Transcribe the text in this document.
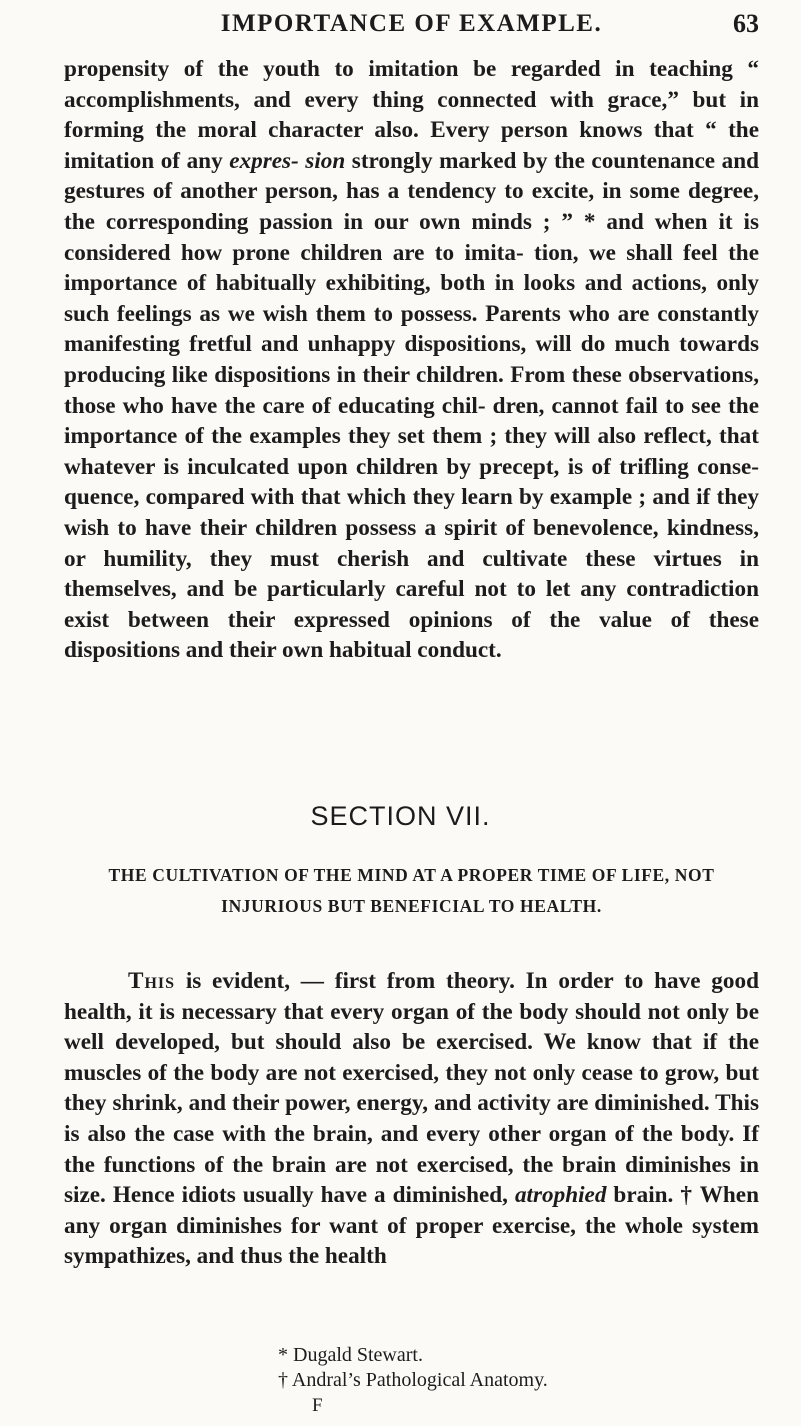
IMPORTANCE OF EXAMPLE.	63

propensity of the youth to imitation be regarded in teaching “ accomplishments, and every thing connected with grace,” but in forming the moral character also. Every person knows that “ the imitation of any expres- sion strongly marked by the countenance and gestures of another person, has a tendency to excite, in some degree, the corresponding passion in our own minds ; ” * and when it is considered how prone children are to imita- tion, we shall feel the importance of habitually exhibiting, both in looks and actions, only such feelings as we wish them to possess. Parents who are constantly manifesting fretful and unhappy dispositions, will do much towards producing like dispositions in their children. From these observations, those who have the care of educating chil- dren, cannot fail to see the importance of the examples they set them ; they will also reflect, that whatever is inculcated upon children by precept, is of trifling conse- quence, compared with that which they learn by example ; and if they wish to have their children possess a spirit of benevolence, kindness, or humility, they must cherish and cultivate these virtues in themselves, and be particularly careful not to let any contradiction exist between their expressed opinions of the value of these dispositions and their own habitual conduct.

SECTION VII.

THE CULTIVATION OF THE MIND AT A PROPER TIME OF LIFE, NOT INJURIOUS BUT BENEFICIAL TO HEALTH.

This is evident, — first from theory. In order to have good health, it is necessary that every organ of the body should not only be well developed, but should also be exercised. We know that if the muscles of the body are not exercised, they not only cease to grow, but they shrink, and their power, energy, and activity are diminished. This is also the case with the brain, and every other organ of the body. If the functions of the brain are not exercised, the brain diminishes in size. Hence idiots usually have a diminished, atrophied brain. † When any organ diminishes for want of proper exercise, the whole system sympathizes, and thus the health

* Dugald Stewart.
† Andral’s Pathological Anatomy.
F
